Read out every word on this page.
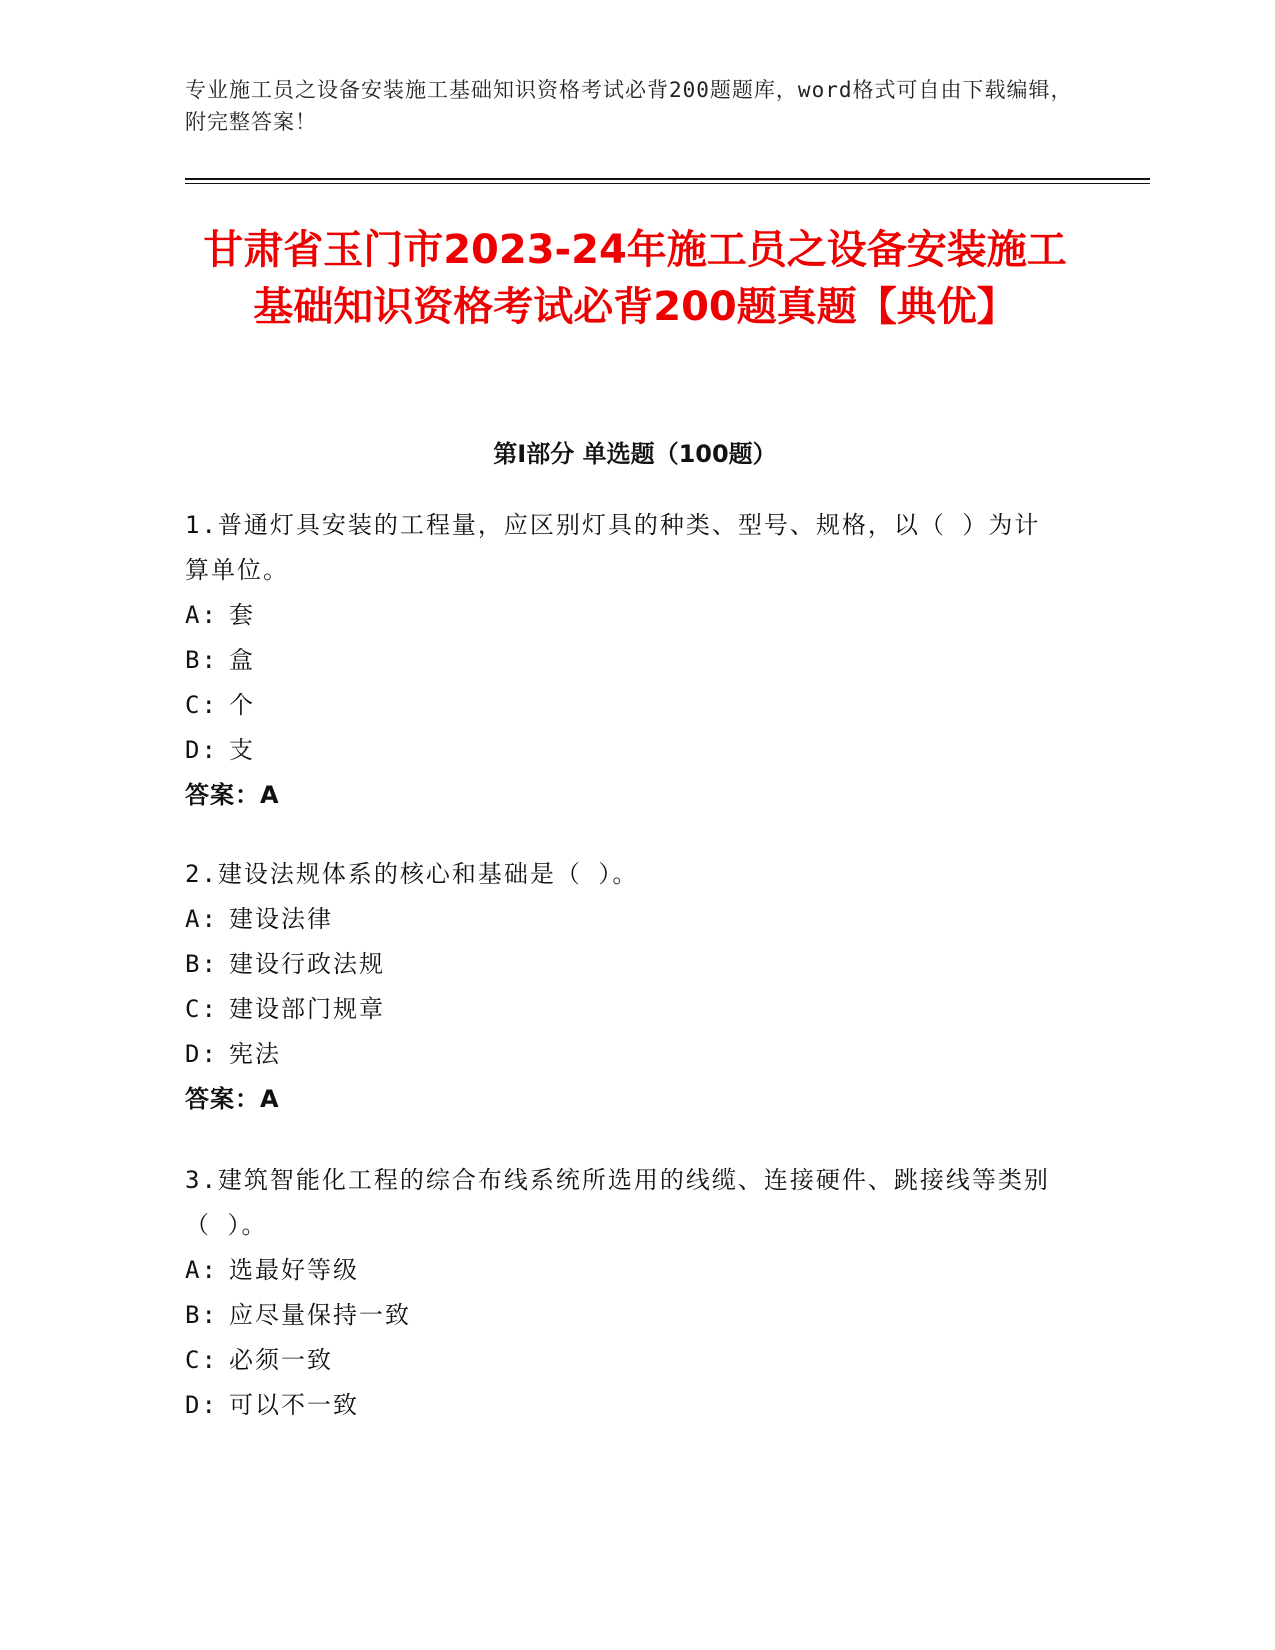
专业施工员之设备安装施工基础知识资格考试必背200题题库，word格式可自由下载编辑，附完整答案！
甘肃省玉门市2023-24年施工员之设备安装施工基础知识资格考试必背200题真题【典优】
第I部分 单选题（100题）
1.普通灯具安装的工程量，应区别灯具的种类、型号、规格，以（ ）为计算单位。
A: 套
B: 盒
C: 个
D: 支
答案：A
2.建设法规体系的核心和基础是（ ）。
A: 建设法律
B: 建设行政法规
C: 建设部门规章
D: 宪法
答案：A
3.建筑智能化工程的综合布线系统所选用的线缆、连接硬件、跳接线等类别（ ）。
A: 选最好等级
B: 应尽量保持一致
C: 必须一致
D: 可以不一致
